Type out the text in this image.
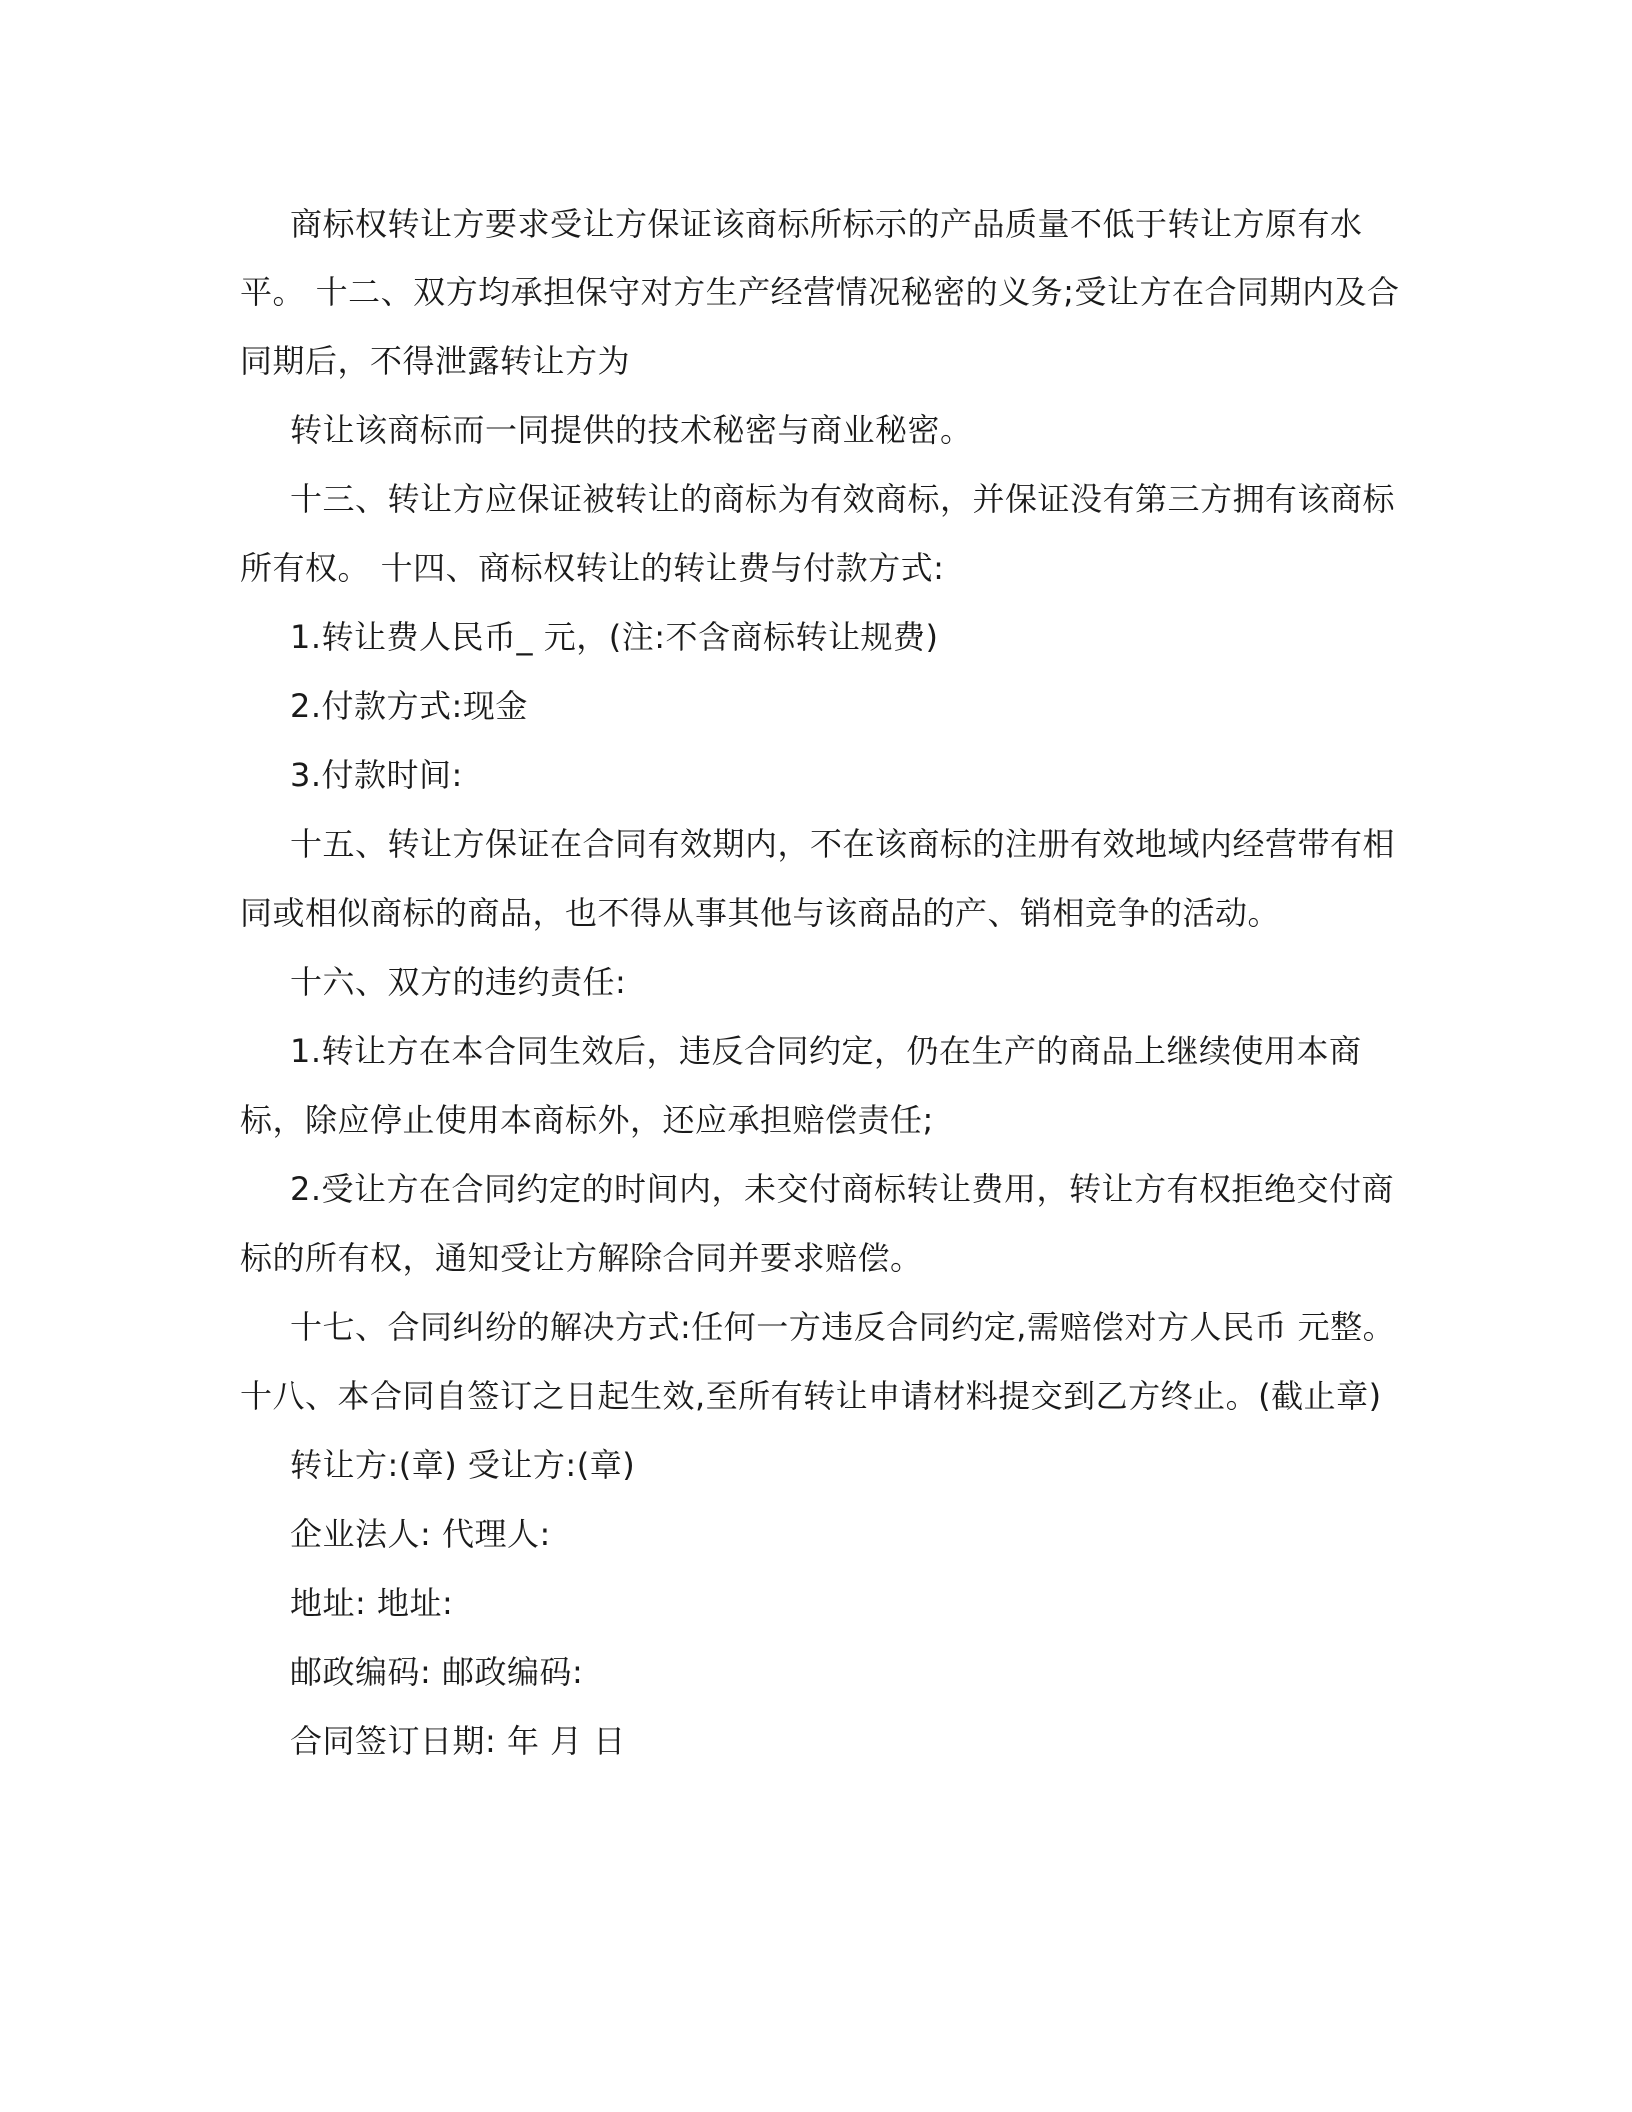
商标权转让方要求受让方保证该商标所标示的产品质量不低于转让方原有水
平。 十二、双方均承担保守对方生产经营情况秘密的义务;受让方在合同期内及合
同期后，不得泄露转让方为
转让该商标而一同提供的技术秘密与商业秘密。
十三、转让方应保证被转让的商标为有效商标，并保证没有第三方拥有该商标
所有权。 十四、商标权转让的转让费与付款方式:
1.转让费人民币_ 元，(注:不含商标转让规费)
2.付款方式:现金
3.付款时间:
十五、转让方保证在合同有效期内，不在该商标的注册有效地域内经营带有相
同或相似商标的商品，也不得从事其他与该商品的产、销相竞争的活动。
十六、双方的违约责任:
1.转让方在本合同生效后，违反合同约定，仍在生产的商品上继续使用本商
标，除应停止使用本商标外，还应承担赔偿责任;
2.受让方在合同约定的时间内，未交付商标转让费用，转让方有权拒绝交付商
标的所有权，通知受让方解除合同并要求赔偿。
十七、合同纠纷的解决方式:任何一方违反合同约定,需赔偿对方人民币 元整。
十八、本合同自签订之日起生效,至所有转让申请材料提交到乙方终止。(截止章)
转让方:(章) 受让方:(章)
企业法人: 代理人:
地址: 地址:
邮政编码: 邮政编码:
合同签订日期: 年 月 日
